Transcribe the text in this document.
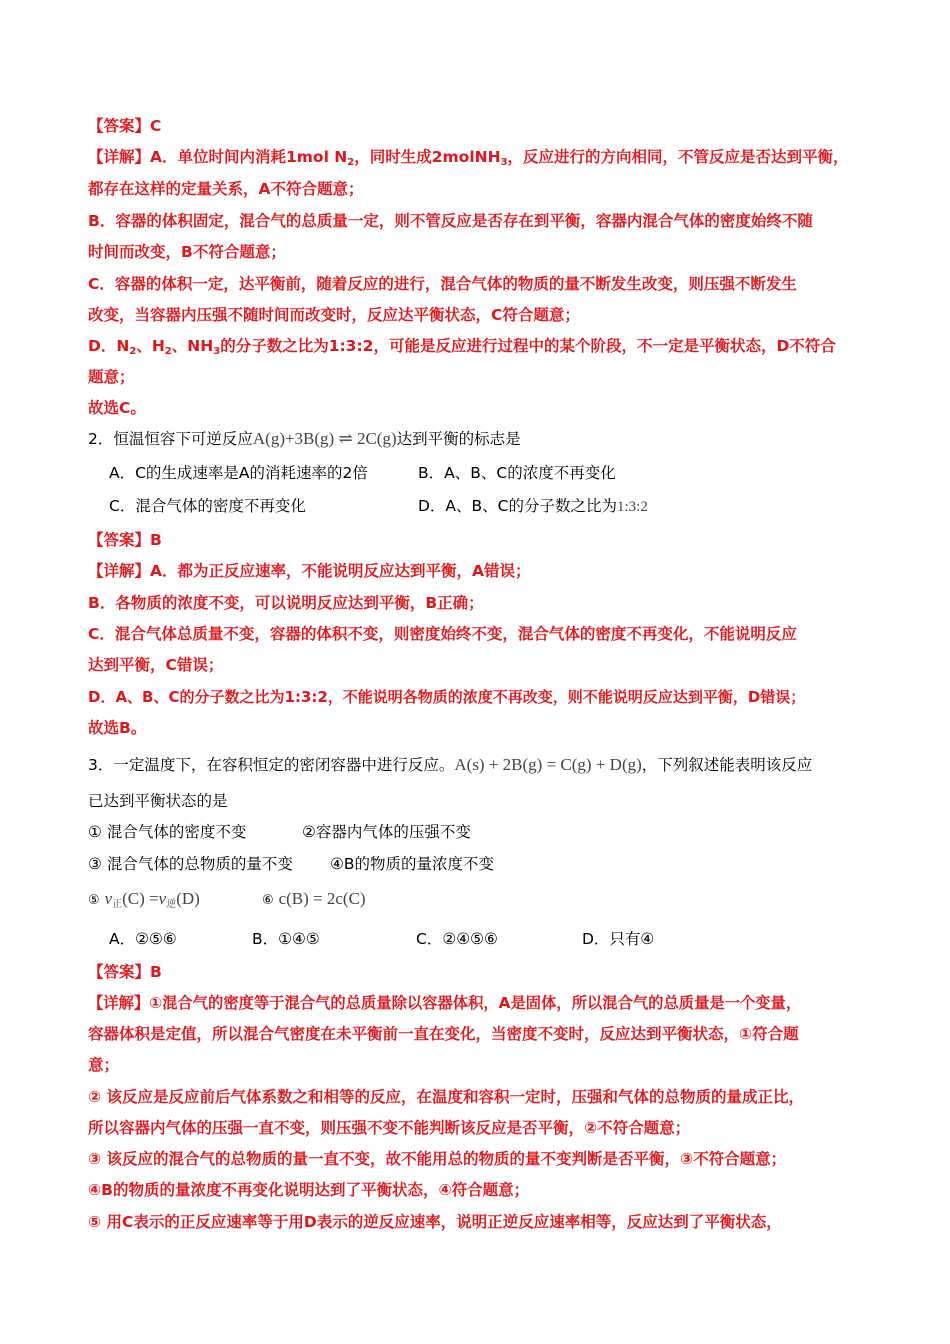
【答案】C
【详解】A．单位时间内消耗1mol $N_2$，同时生成2molNH$_3$，反应进行的方向相同，不管反应是否达到平衡，
都存在这样的定量关系，A不符合题意；
B．容器的体积固定，混合气的总质量一定，则不管反应是否存在到平衡，容器内混合气体的密度始终不随
时间而改变，B不符合题意；
C．容器的体积一定，达平衡前，随着反应的进行，混合气体的物质的量不断发生改变，则压强不断发生
改变，当容器内压强不随时间而改变时，反应达平衡状态，C符合题意；
D．$N_2$、$H_2$、$NH_3$的分子数之比为1:3:2，可能是反应进行过程中的某个阶段，不一定是平衡状态，D不符合
题意；
故选C。
2．恒温恒容下可逆反应A(g)+3B(g) ⇌ 2C(g)达到平衡的标志是
A．C的生成速率是A的消耗速率的2倍	B．A、B、C的浓度不再变化
C．混合气体的密度不再变化	D．A、B、C的分子数之比为1:3:2
【答案】B
【详解】A．都为正反应速率，不能说明反应达到平衡，A错误；
B．各物质的浓度不变，可以说明反应达到平衡，B正确；
C．混合气体总质量不变，容器的体积不变，则密度始终不变，混合气体的密度不再变化，不能说明反应
达到平衡，C错误；
D．A、B、C的分子数之比为1:3:2，不能说明各物质的浓度不再改变，则不能说明反应达到平衡，D错误；
故选B。
3．一定温度下，在容积恒定的密闭容器中进行反应。A(s) + 2B(g) = C(g) + D(g)，下列叙述能表明该反应
已达到平衡状态的是
① 混合气体的密度不变	②容器内气体的压强不变
③ 混合气体的总物质的量不变 ④B的物质的量浓度不变
⑤ $v_正(C) =v_逆(D)$	⑥ c(B) = 2c(C)
A．②⑤⑥	B．①④⑤	C．②④⑤⑥	D．只有④
【答案】B
【详解】①混合气的密度等于混合气的总质量除以容器体积，A是固体，所以混合气的总质量是一个变量，
容器体积是定值，所以混合气密度在未平衡前一直在变化，当密度不变时，反应达到平衡状态，①符合题
意；
② 该反应是反应前后气体系数之和相等的反应，在温度和容积一定时，压强和气体的总物质的量成正比，
所以容器内气体的压强一直不变，则压强不变不能判断该反应是否平衡，②不符合题意；
③ 该反应的混合气的总物质的量一直不变，故不能用总的物质的量不变判断是否平衡，③不符合题意；
④B的物质的量浓度不再变化说明达到了平衡状态，④符合题意；
⑤ 用C表示的正反应速率等于用D表示的逆反应速率，说明正逆反应速率相等，反应达到了平衡状态，
